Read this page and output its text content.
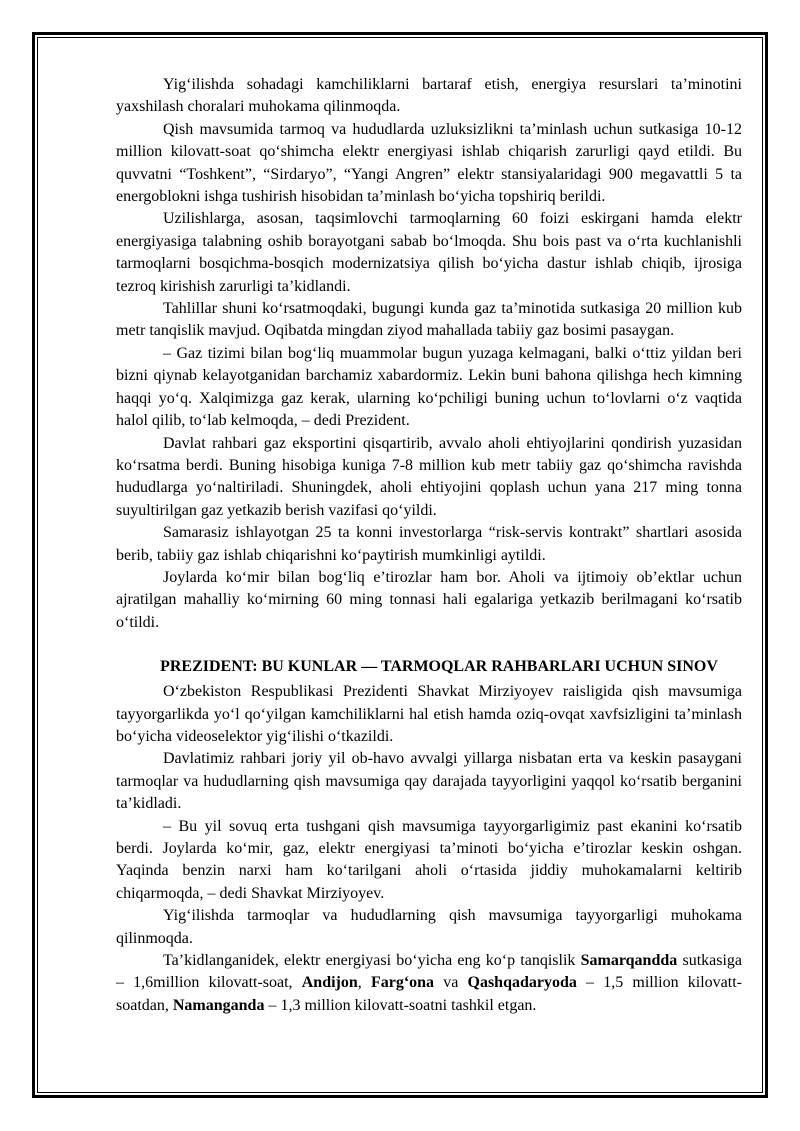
Yig‘ilishda sohadagi kamchiliklarni bartaraf etish, energiya resurslari ta’minotini yaxshilash choralari muhokama qilinmoqda.

Qish mavsumida tarmoq va hududlarda uzluksizlikni ta’minlash uchun sutkasiga 10-12 million kilovatt-soat qo‘shimcha elektr energiyasi ishlab chiqarish zarurligi qayd etildi. Bu quvvatni “Toshkent”, “Sirdaryo”, “Yangi Angren” elektr stansiyalaridagi 900 megavattli 5 ta energoblokni ishga tushirish hisobidan ta’minlash bo‘yicha topshiriq berildi.

Uzilishlarga, asosan, taqsimlovchi tarmoqlarning 60 foizi eskirgani hamda elektr energiyasiga talabning oshib borayotgani sabab bo‘lmoqda. Shu bois past va o‘rta kuchlanishli tarmoqlarni bosqichma-bosqich modernizatsiya qilish bo‘yicha dastur ishlab chiqib, ijrosiga tezroq kirishish zarurligi ta’kidlandi.

Tahlillar shuni ko‘rsatmoqdaki, bugungi kunda gaz ta’minotida sutkasiga 20 million kub metr tanqislik mavjud. Oqibatda mingdan ziyod mahallada tabiiy gaz bosimi pasaygan.

– Gaz tizimi bilan bog‘liq muammolar bugun yuzaga kelmagani, balki o‘ttiz yildan beri bizni qiynab kelayotganidan barchamiz xabardormiz. Lekin buni bahona qilishga hech kimning haqqi yo‘q. Xalqimizga gaz kerak, ularning ko‘pchiligi buning uchun to‘lovlarni o‘z vaqtida halol qilib, to‘lab kelmoqda, – dedi Prezident.

Davlat rahbari gaz eksportini qisqartirib, avvalo aholi ehtiyojlarini qondirish yuzasidan ko‘rsatma berdi. Buning hisobiga kuniga 7-8 million kub metr tabiiy gaz qo‘shimcha ravishda hududlarga yo‘naltiriladi. Shuningdek, aholi ehtiyojini qoplash uchun yana 217 ming tonna suyultirilgan gaz yetkazib berish vazifasi qo‘yildi.

Samarasiz ishlayotgan 25 ta konni investorlarga “risk-servis kontrakt” shartlari asosida berib, tabiiy gaz ishlab chiqarishni ko‘paytirish mumkinligi aytildi.

Joylarda ko‘mir bilan bog‘liq e’tirozlar ham bor. Aholi va ijtimoiy ob’ektlar uchun ajratilgan mahalliy ko‘mirning 60 ming tonnasi hali egalariga yetkazib berilmagani ko‘rsatib o‘tildi.

PREZIDENT: BU KUNLAR — TARMOQLAR RAHBARLARI UCHUN SINOV

O‘zbekiston Respublikasi Prezidenti Shavkat Mirziyoyev raisligida qish mavsumiga tayyorgarlikda yo‘l qo‘yilgan kamchiliklarni hal etish hamda oziq-ovqat xavfsizligini ta’minlash bo‘yicha videoselektor yig‘ilishi o‘tkazildi.

Davlatimiz rahbari joriy yil ob-havo avvalgi yillarga nisbatan erta va keskin pasaygani tarmoqlar va hududlarning qish mavsumiga qay darajada tayyorligini yaqqol ko‘rsatib berganini ta’kidladi.

– Bu yil sovuq erta tushgani qish mavsumiga tayyorgarligimiz past ekanini ko‘rsatib berdi. Joylarda ko‘mir, gaz, elektr energiyasi ta’minoti bo‘yicha e’tirozlar keskin oshgan. Yaqinda benzin narxi ham ko‘tarilgani aholi o‘rtasida jiddiy muhokamalarni keltirib chiqarmoqda, – dedi Shavkat Mirziyoyev.

Yig‘ilishda tarmoqlar va hududlarning qish mavsumiga tayyorgarligi muhokama qilinmoqda.

Ta’kidlanganidek, elektr energiyasi bo‘yicha eng ko‘p tanqislik Samarqandda sutkasiga – 1,6million kilovatt-soat, Andijon, Farg‘ona va Qashqadaryoda – 1,5 million kilovatt-soatdan, Namanganda – 1,3 million kilovatt-soatni tashkil etgan.
